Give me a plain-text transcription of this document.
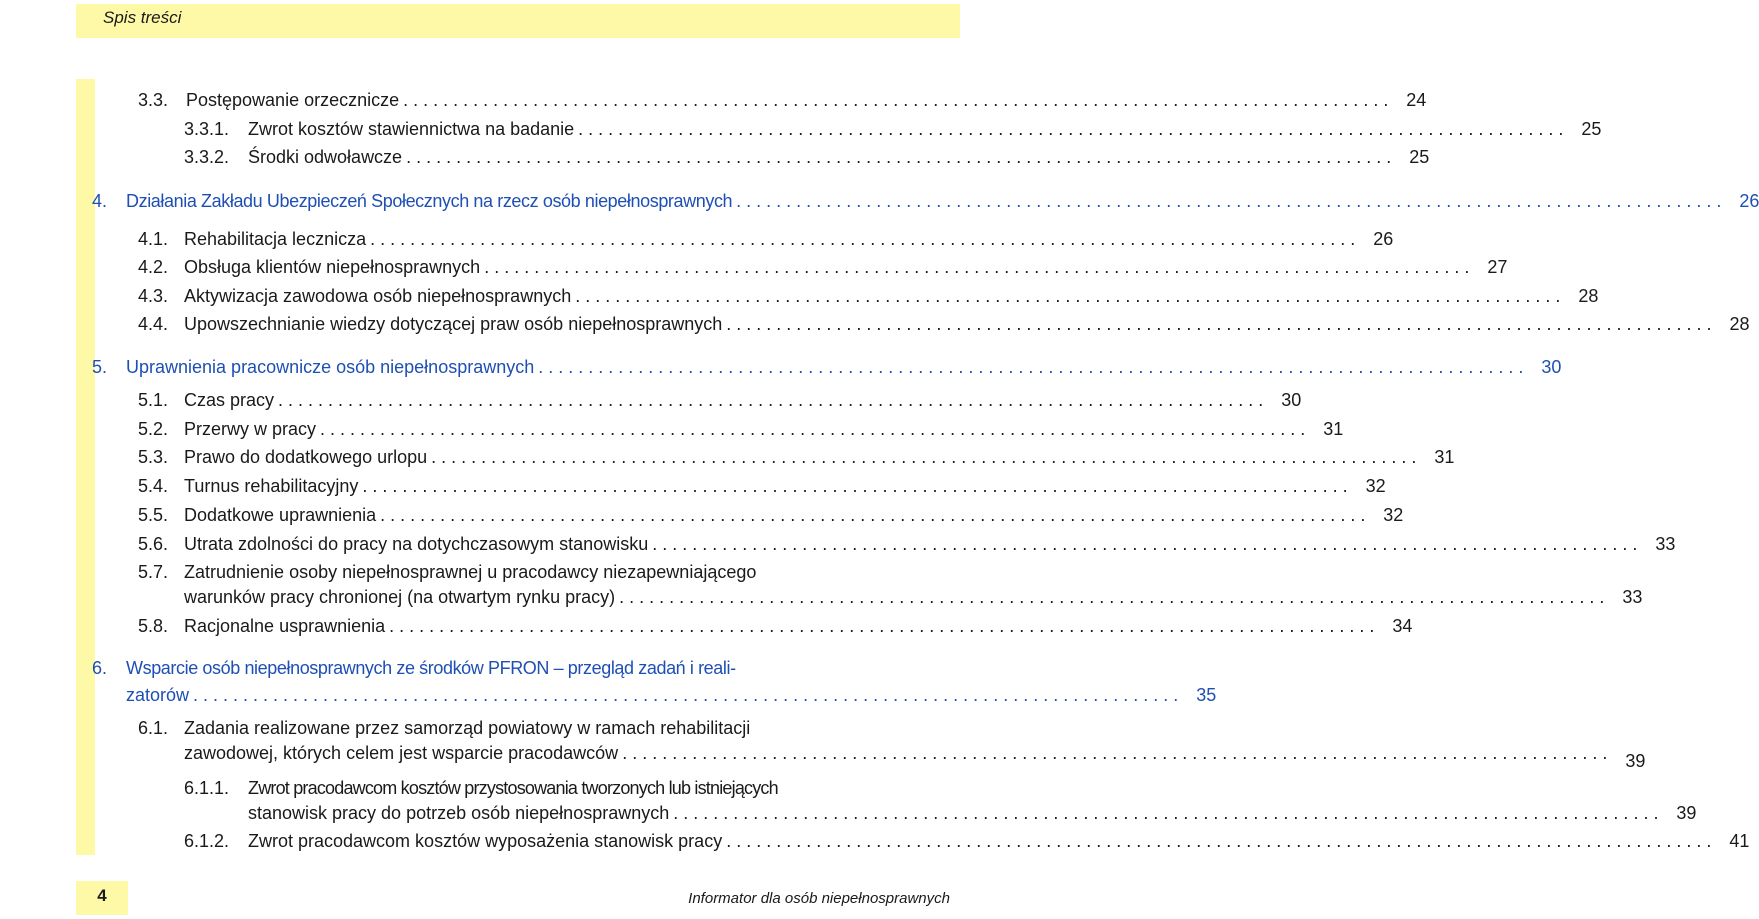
Spis treści
3.3. Postępowanie orzecznicze . . .	24
3.3.1.	Zwrot kosztów stawiennictwa na badanie . . .	25
3.3.2.	Środki odwoławcze . . .	25
4.	Działania Zakładu Ubezpieczeń Społecznych na rzecz osób niepełnosprawnych . . .	26
4.1. Rehabilitacja lecznicza . . .	26
4.2. Obsługa klientów niepełnosprawnych . . .	27
4.3. Aktywizacja zawodowa osób niepełnosprawnych . . .	28
4.4. Upowszechnianie wiedzy dotyczącej praw osób niepełnosprawnych . . .	28
5.	Uprawnienia pracownicze osób niepełnosprawnych . . .	30
5.1. Czas pracy . . .	30
5.2. Przerwy w pracy . . .	31
5.3. Prawo do dodatkowego urlopu . . .	31
5.4. Turnus rehabilitacyjny . . .	32
5.5. Dodatkowe uprawnienia . . .	32
5.6. Utrata zdolności do pracy na dotychczasowym stanowisku . . .	33
5.7. Zatrudnienie osoby niepełnosprawnej u pracodawcy niezapewniającego
warunków pracy chronionej (na otwartym rynku pracy) . . .	33
5.8. Racjonalne usprawnienia . . .	34
6. Wsparcie osób niepełnosprawnych ze środków PFRON – przegląd zadań i reali-
zatorów . . .	35
6.1. Zadania realizowane przez samorząd powiatowy w ramach rehabilitacji
zawodowej, których celem jest wsparcie pracodawców . . .	39
6.1.1. Zwrot pracodawcom kosztów przystosowania tworzonych lub istniejących
stanowisk pracy do potrzeb osób niepełnosprawnych . . .	39
6.1.2.	Zwrot pracodawcom kosztów wyposażenia stanowisk pracy . . .	41
4	Informator dla osób niepełnosprawnych
